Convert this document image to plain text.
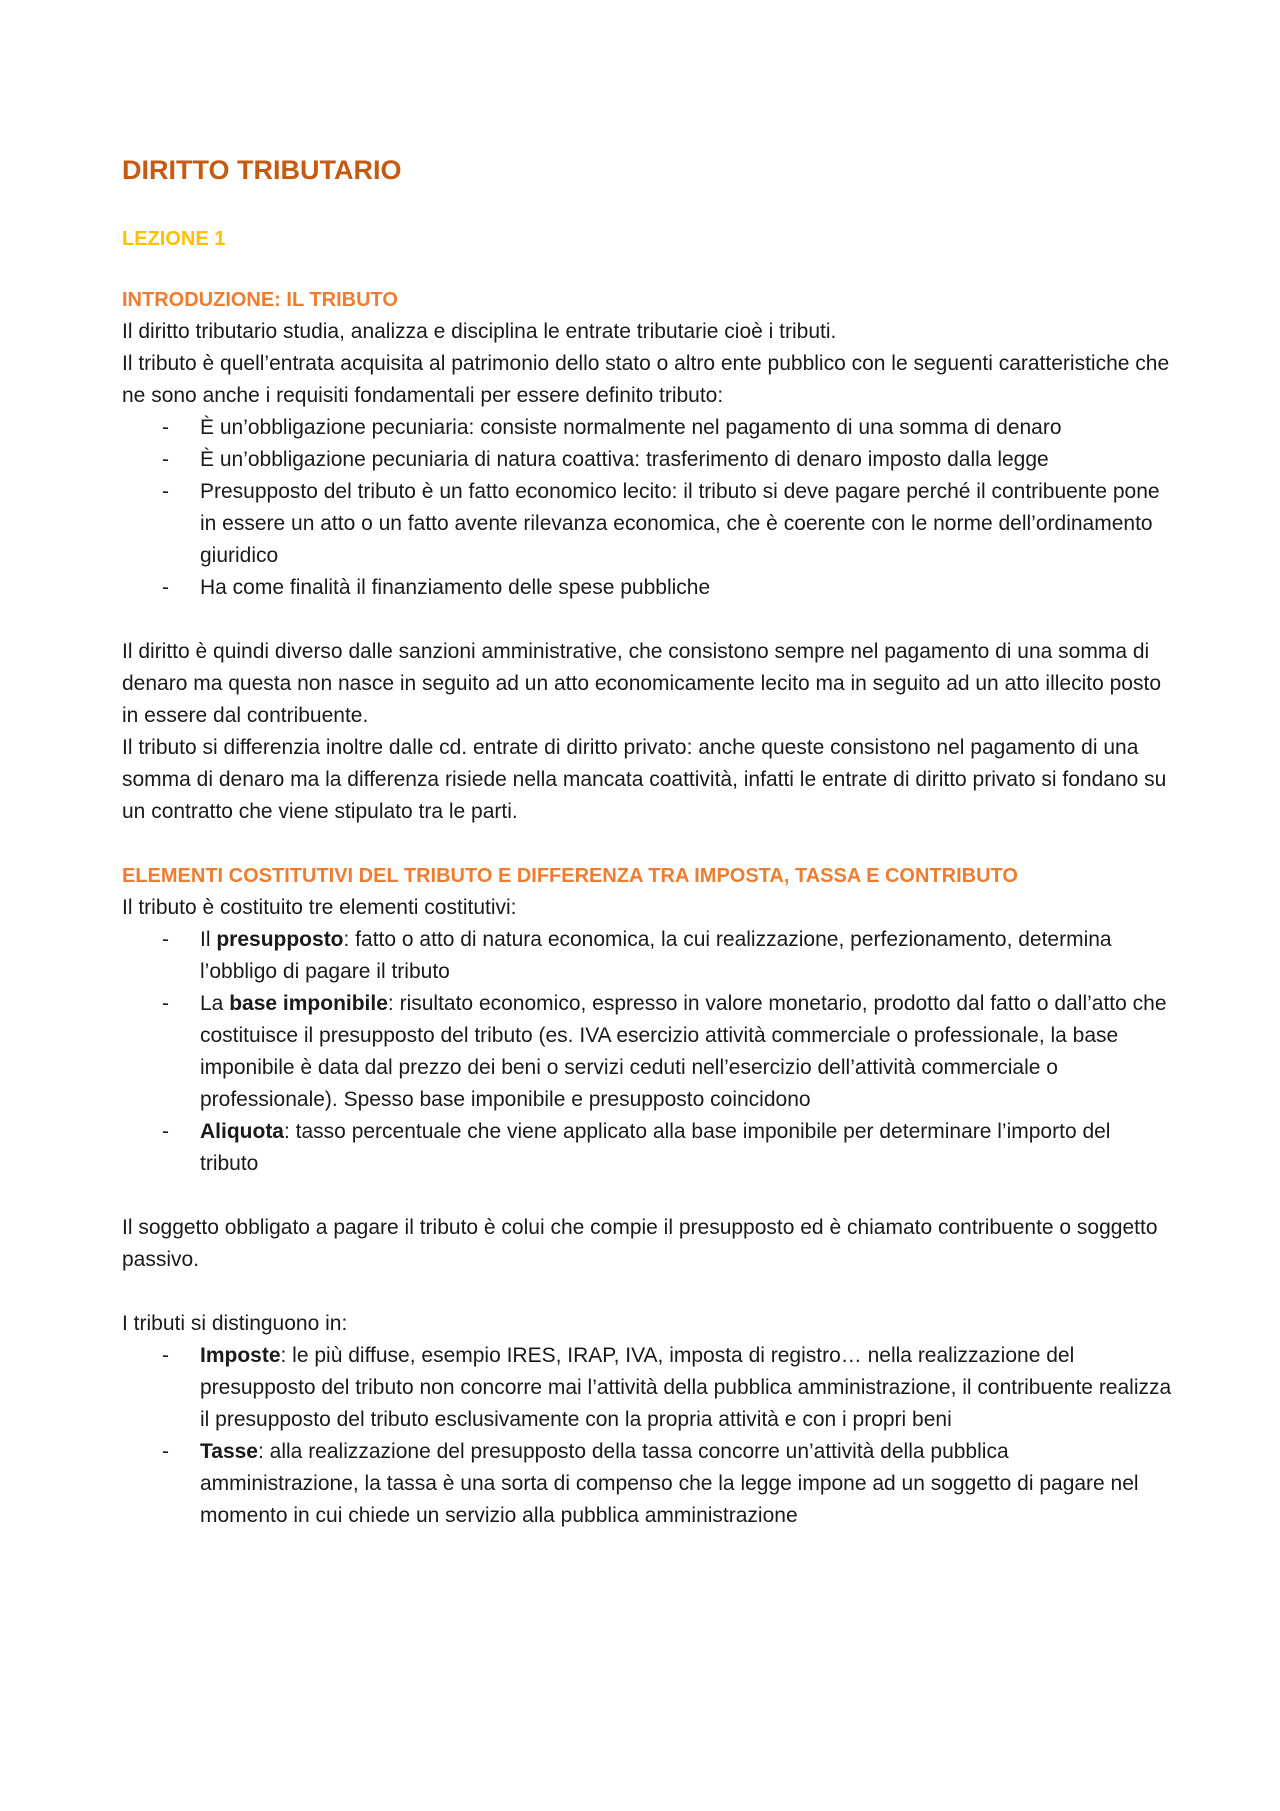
DIRITTO TRIBUTARIO
LEZIONE 1
INTRODUZIONE: IL TRIBUTO

Il diritto tributario studia, analizza e disciplina le entrate tributarie cioè i tributi.

Il tributo è quell’entrata acquisita al patrimonio dello stato o altro ente pubblico con le seguenti caratteristiche che ne sono anche i requisiti fondamentali per essere definito tributo:

- È un’obbligazione pecuniaria: consiste normalmente nel pagamento di una somma di denaro
- È un’obbligazione pecuniaria di natura coattiva: trasferimento di denaro imposto dalla legge
- Presupposto del tributo è un fatto economico lecito: il tributo si deve pagare perché il contribuente pone in essere un atto o un fatto avente rilevanza economica, che è coerente con le norme dell’ordinamento giuridico
- Ha come finalità il finanziamento delle spese pubbliche

Il diritto è quindi diverso dalle sanzioni amministrative, che consistono sempre nel pagamento di una somma di denaro ma questa non nasce in seguito ad un atto economicamente lecito ma in seguito ad un atto illecito posto in essere dal contribuente.

Il tributo si differenzia inoltre dalle cd. entrate di diritto privato: anche queste consistono nel pagamento di una somma di denaro ma la differenza risiede nella mancata coattività, infatti le entrate di diritto privato si fondano su un contratto che viene stipulato tra le parti.

ELEMENTI COSTITUTIVI DEL TRIBUTO E DIFFERENZA TRA IMPOSTA, TASSA E CONTRIBUTO

Il tributo è costituito tre elementi costitutivi:

- Il presupposto: fatto o atto di natura economica, la cui realizzazione, perfezionamento, determina l’obbligo di pagare il tributo
- La base imponibile: risultato economico, espresso in valore monetario, prodotto dal fatto o dall’atto che costituisce il presupposto del tributo (es. IVA esercizio attività commerciale o professionale, la base imponibile è data dal prezzo dei beni o servizi ceduti nell’esercizio dell’attività commerciale o professionale). Spesso base imponibile e presupposto coincidono
- Aliquota: tasso percentuale che viene applicato alla base imponibile per determinare l’importo del tributo

Il soggetto obbligato a pagare il tributo è colui che compie il presupposto ed è chiamato contribuente o soggetto passivo.

I tributi si distinguono in:

- Imposte: le più diffuse, esempio IRES, IRAP, IVA, imposta di registro… nella realizzazione del presupposto del tributo non concorre mai l’attività della pubblica amministrazione, il contribuente realizza il presupposto del tributo esclusivamente con la propria attività e con i propri beni
- Tasse: alla realizzazione del presupposto della tassa concorre un’attività della pubblica amministrazione, la tassa è una sorta di compenso che la legge impone ad un soggetto di pagare nel momento in cui chiede un servizio alla pubblica amministrazione
